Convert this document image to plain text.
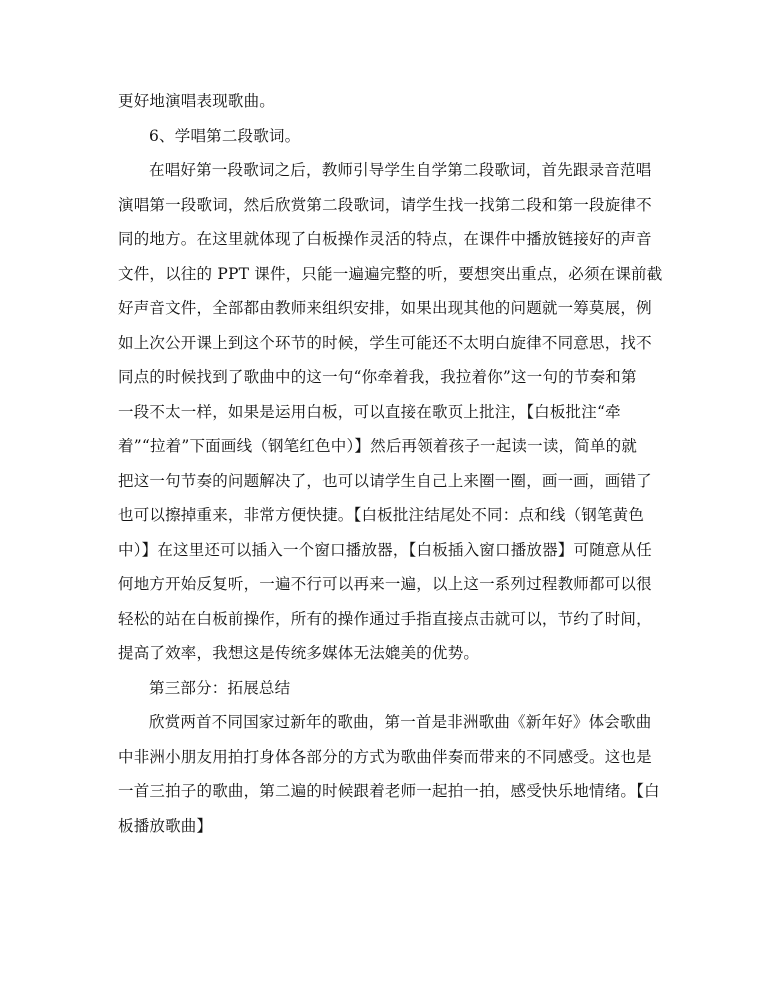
更好地演唱表现歌曲。
6、学唱第二段歌词。
在唱好第一段歌词之后，教师引导学生自学第二段歌词，首先跟录音范唱
演唱第一段歌词，然后欣赏第二段歌词，请学生找一找第二段和第一段旋律不
同的地方。在这里就体现了白板操作灵活的特点，在课件中播放链接好的声音
文件，以往的 PPT 课件，只能一遍遍完整的听，要想突出重点，必须在课前截
好声音文件，全部都由教师来组织安排，如果出现其他的问题就一筹莫展，例
如上次公开课上到这个环节的时候，学生可能还不太明白旋律不同意思，找不
同点的时候找到了歌曲中的这一句“你牵着我，我拉着你”这一句的节奏和第
一段不太一样，如果是运用白板，可以直接在歌页上批注，【白板批注“牵
着”“拉着”下面画线（钢笔红色中）】然后再领着孩子一起读一读，简单的就
把这一句节奏的问题解决了，也可以请学生自己上来圈一圈，画一画，画错了
也可以擦掉重来，非常方便快捷。【白板批注结尾处不同：点和线（钢笔黄色
中）】在这里还可以插入一个窗口播放器，【白板插入窗口播放器】可随意从任
何地方开始反复听，一遍不行可以再来一遍，以上这一系列过程教师都可以很
轻松的站在白板前操作，所有的操作通过手指直接点击就可以，节约了时间，
提高了效率，我想这是传统多媒体无法媲美的优势。
第三部分：拓展总结
欣赏两首不同国家过新年的歌曲，第一首是非洲歌曲《新年好》体会歌曲
中非洲小朋友用拍打身体各部分的方式为歌曲伴奏而带来的不同感受。这也是
一首三拍子的歌曲，第二遍的时候跟着老师一起拍一拍，感受快乐地情绪。【白
板播放歌曲】
